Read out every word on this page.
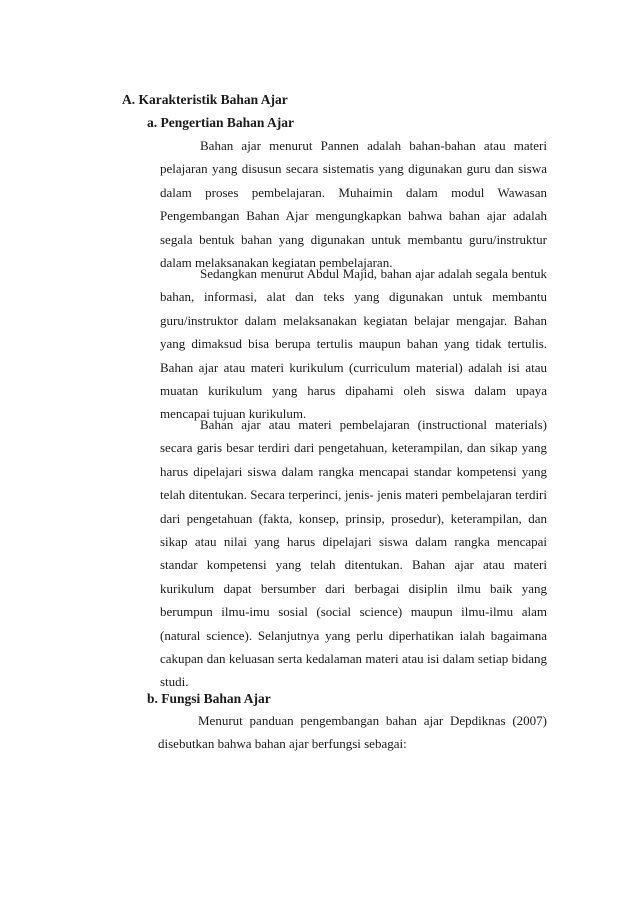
A. Karakteristik Bahan Ajar
a. Pengertian Bahan Ajar

Bahan ajar menurut Pannen adalah bahan-bahan atau materi pelajaran yang disusun secara sistematis yang digunakan guru dan siswa dalam proses pembelajaran. Muhaimin dalam modul Wawasan Pengembangan Bahan Ajar mengungkapkan bahwa bahan ajar adalah segala bentuk bahan yang digunakan untuk membantu guru/instruktur dalam melaksanakan kegiatan pembelajaran.

Sedangkan menurut Abdul Majid, bahan ajar adalah segala bentuk bahan, informasi, alat dan teks yang digunakan untuk membantu guru/instruktor dalam melaksanakan kegiatan belajar mengajar. Bahan yang dimaksud bisa berupa tertulis maupun bahan yang tidak tertulis. Bahan ajar atau materi kurikulum (curriculum material) adalah isi atau muatan kurikulum yang harus dipahami oleh siswa dalam upaya mencapai tujuan kurikulum.

Bahan ajar atau materi pembelajaran (instructional materials) secara garis besar terdiri dari pengetahuan, keterampilan, dan sikap yang harus dipelajari siswa dalam rangka mencapai standar kompetensi yang telah ditentukan. Secara terperinci, jenis- jenis materi pembelajaran terdiri dari pengetahuan (fakta, konsep, prinsip, prosedur), keterampilan, dan sikap atau nilai yang harus dipelajari siswa dalam rangka mencapai standar kompetensi yang telah ditentukan. Bahan ajar atau materi kurikulum dapat bersumber dari berbagai disiplin ilmu baik yang berumpun ilmu-imu sosial (social science) maupun ilmu-ilmu alam (natural science). Selanjutnya yang perlu diperhatikan ialah bagaimana cakupan dan keluasan serta kedalaman materi atau isi dalam setiap bidang studi.

b. Fungsi Bahan Ajar

Menurut panduan pengembangan bahan ajar Depdiknas (2007) disebutkan bahwa bahan ajar berfungsi sebagai:
